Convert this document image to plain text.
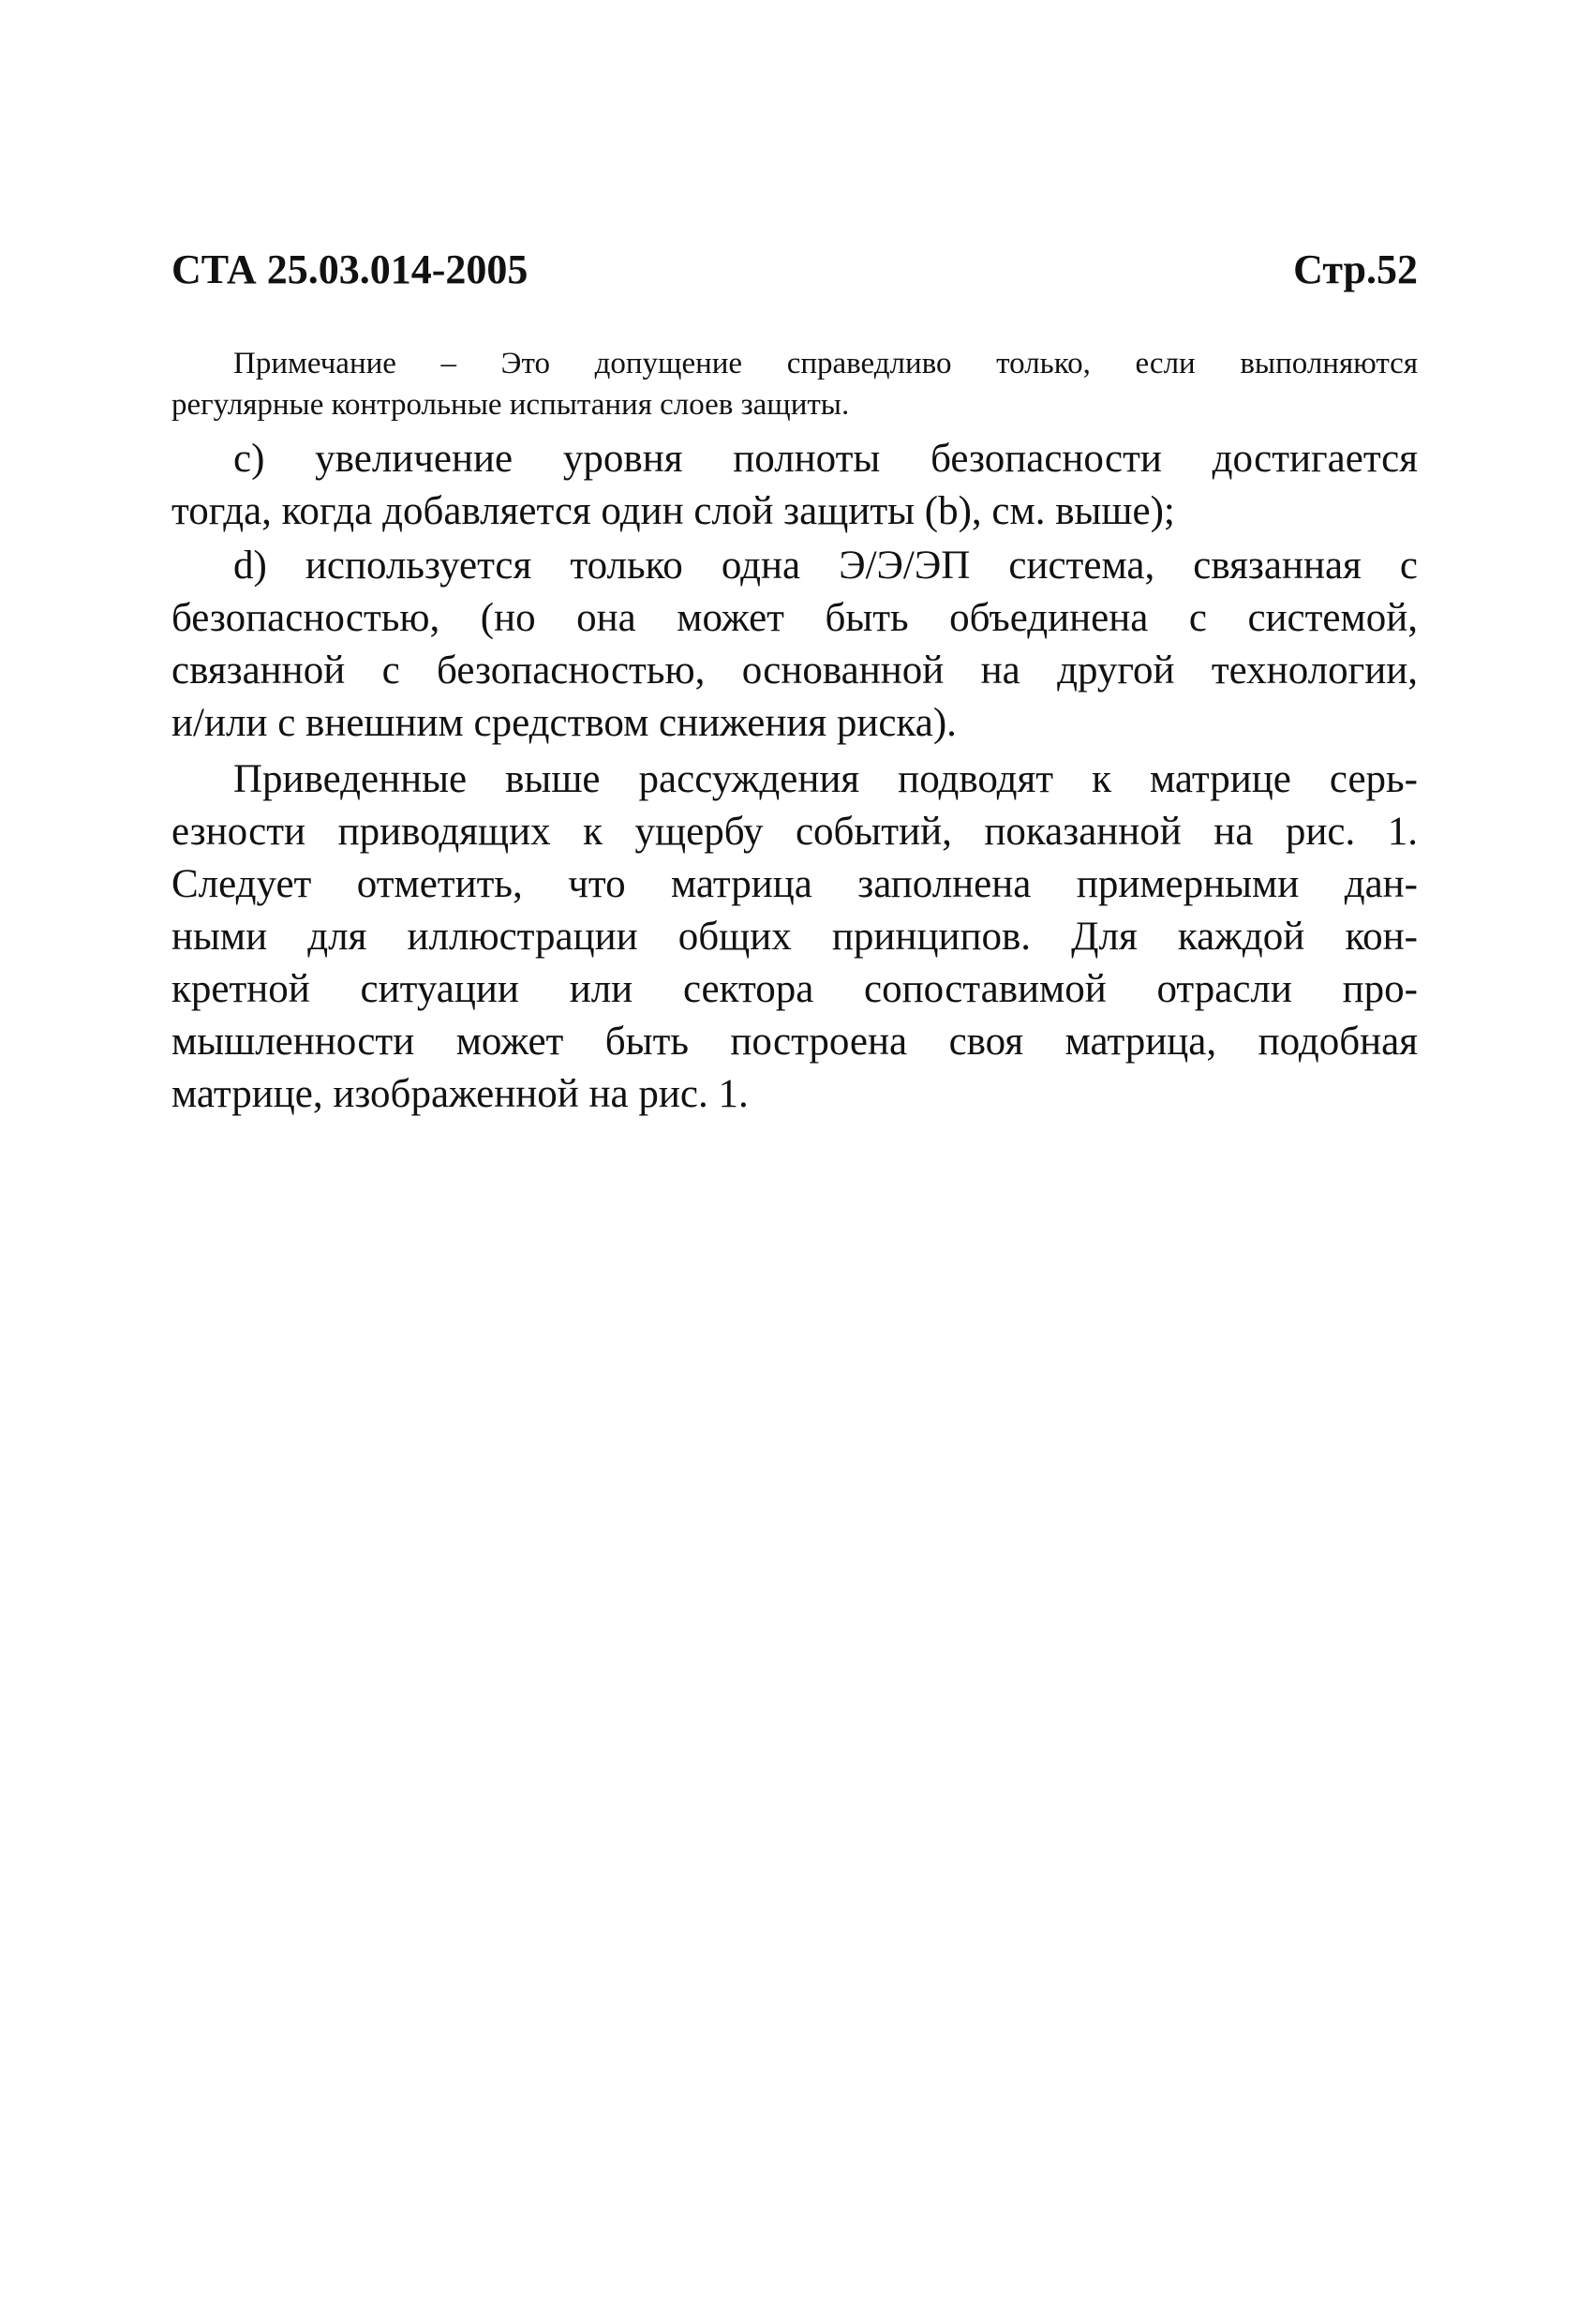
СТА 25.03.014-2005	Стр.52
Примечание – Это допущение справедливо только, если выполняются
регулярные контрольные испытания слоев защиты.
с) увеличение уровня полноты безопасности достигается
тогда, когда добавляется один слой защиты (b), см. выше);
d) используется только одна Э/Э/ЭП система, связанная с
безопасностью, (но она может быть объединена с системой,
связанной с безопасностью, основанной на другой технологии,
и/или с внешним средством снижения риска).
Приведенные выше рассуждения подводят к матрице серь-
езности приводящих к ущербу событий, показанной на рис. 1.
Следует отметить, что матрица заполнена примерными дан-
ными для иллюстрации общих принципов. Для каждой кон-
кретной ситуации или сектора сопоставимой отрасли про-
мышленности может быть построена своя матрица, подобная
матрице, изображенной на рис. 1.
